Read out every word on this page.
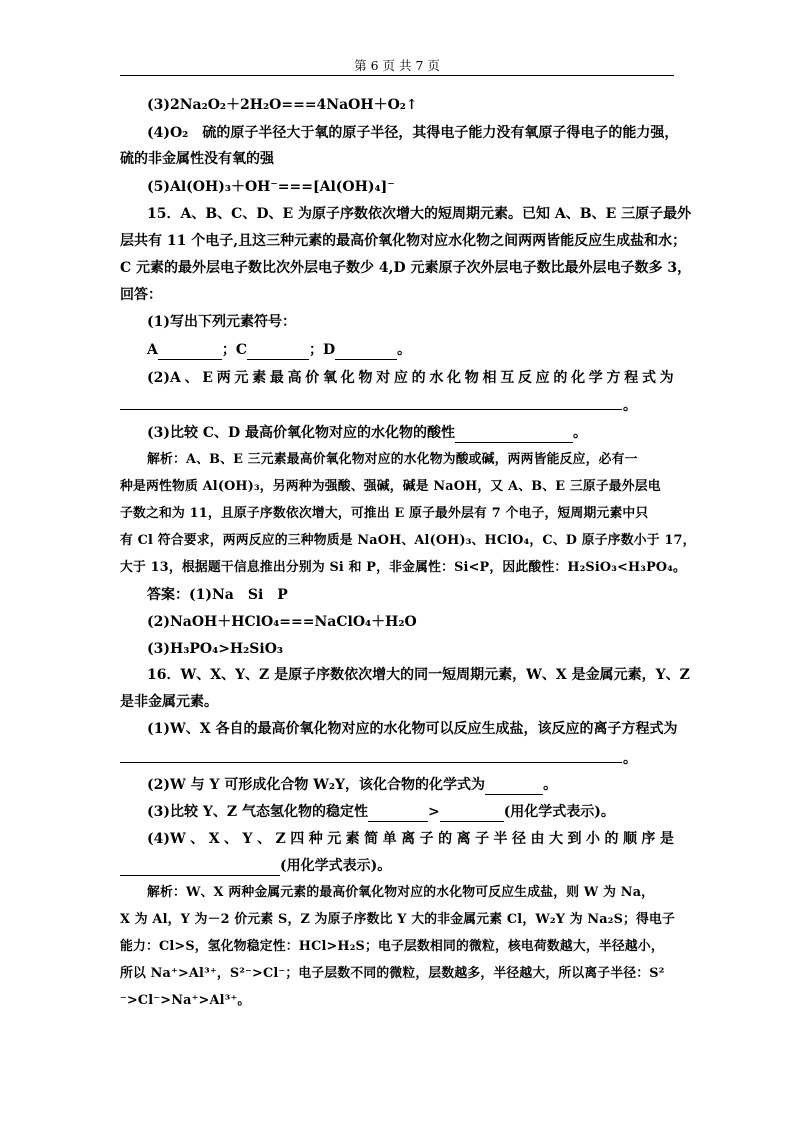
第 6 页 共 7 页
(3)2Na₂O₂＋2H₂O===4NaOH＋O₂↑
(4)O₂　硫的原子半径大于氧的原子半径，其得电子能力没有氧原子得电子的能力强，
硫的非金属性没有氧的强
(5)Al(OH)₃＋OH⁻===[Al(OH)₄]⁻
15．A、B、C、D、E 为原子序数依次增大的短周期元素。已知 A、B、E 三原子最外
层共有 11 个电子,且这三种元素的最高价氧化物对应水化物之间两两皆能反应生成盐和水；
C 元素的最外层电子数比次外层电子数少 4,D 元素原子次外层电子数比最外层电子数多 3，
回答：
(1)写出下列元素符号：
A	；C	；D	。
(2)A 、 E 两 元 素 最 高 价 氧 化 物 对 应 的 水 化 物 相 互 反 应 的 化 学 方 程 式 为
。
(3)比较 C、D 最高价氧化物对应的水化物的酸性	。
解析：A、B、E 三元素最高价氧化物对应的水化物为酸或碱，两两皆能反应，必有一
种是两性物质 Al(OH)₃，另两种为强酸、强碱，碱是 NaOH，又 A、B、E 三原子最外层电
子数之和为 11，且原子序数依次增大，可推出 E 原子最外层有 7 个电子，短周期元素中只
有 Cl 符合要求，两两反应的三种物质是 NaOH、Al(OH)₃、HClO₄，C、D 原子序数小于 17，
大于 13，根据题干信息推出分别为 Si 和 P，非金属性：Si<P，因此酸性：H₂SiO₃<H₃PO₄。
答案：(1)Na　Si　P
(2)NaOH＋HClO₄===NaClO₄＋H₂O
(3)H₃PO₄>H₂SiO₃
16．W、X、Y、Z 是原子序数依次增大的同一短周期元素，W、X 是金属元素，Y、Z
是非金属元素。
(1)W、X 各自的最高价氧化物对应的水化物可以反应生成盐，该反应的离子方程式为
。
(2)W 与 Y 可形成化合物 W₂Y，该化合物的化学式为	。
(3)比较 Y、Z 气态氢化物的稳定性	>	(用化学式表示)。
(4)W 、 X 、 Y 、 Z 四 种 元 素 简 单 离 子 的 离 子 半 径 由 大 到 小 的 顺 序 是
(用化学式表示)。
解析：W、X 两种金属元素的最高价氧化物对应的水化物可反应生成盐，则 W 为 Na，
X 为 Al，Y 为－2 价元素 S，Z 为原子序数比 Y 大的非金属元素 Cl，W₂Y 为 Na₂S；得电子
能力：Cl>S，氢化物稳定性：HCl>H₂S；电子层数相同的微粒，核电荷数越大，半径越小，
所以 Na⁺>Al³⁺，S²⁻>Cl⁻；电子层数不同的微粒，层数越多，半径越大，所以离子半径：S²
⁻>Cl⁻>Na⁺>Al³⁺。
